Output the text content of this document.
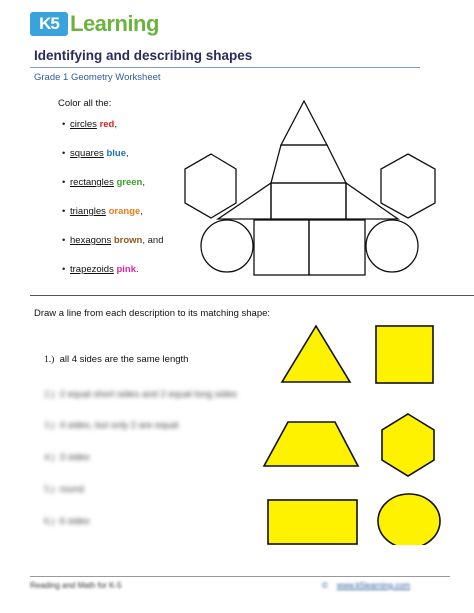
K5 Learning
Identifying and describing shapes
Grade 1 Geometry Worksheet
Color all the:
• circles red,
• squares blue,
• rectangles green,
• triangles orange,
• hexagons brown, and
• trapezoids pink.
Draw a line from each description to its matching shape:
1.) all 4 sides are the same length
2.) 2 equal short sides and 2 equal long sides
3.) 4 sides, but only 2 are equal
4.) 3 sides
5.) round
6.) 6 sides
Reading and Math for K-5	© www.k5learning.com
